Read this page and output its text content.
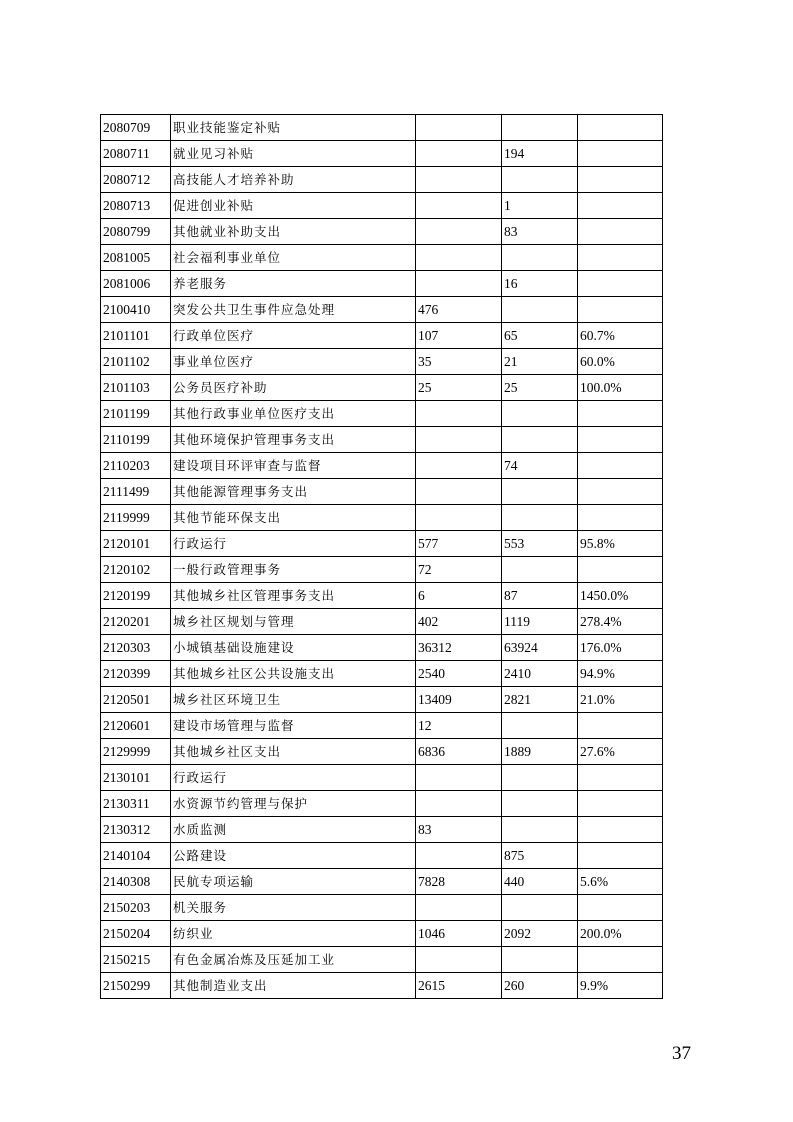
2080709	职业技能鉴定补贴			
2080711	就业见习补贴		194	
2080712	高技能人才培养补助			
2080713	促进创业补贴		1	
2080799	其他就业补助支出		83	
2081005	社会福利事业单位			
2081006	养老服务		16	
2100410	突发公共卫生事件应急处理	476		
2101101	行政单位医疗	107	65	60.7%
2101102	事业单位医疗	35	21	60.0%
2101103	公务员医疗补助	25	25	100.0%
2101199	其他行政事业单位医疗支出			
2110199	其他环境保护管理事务支出			
2110203	建设项目环评审查与监督		74	
2111499	其他能源管理事务支出			
2119999	其他节能环保支出			
2120101	行政运行	577	553	95.8%
2120102	一般行政管理事务	72		
2120199	其他城乡社区管理事务支出	6	87	1450.0%
2120201	城乡社区规划与管理	402	1119	278.4%
2120303	小城镇基础设施建设	36312	63924	176.0%
2120399	其他城乡社区公共设施支出	2540	2410	94.9%
2120501	城乡社区环境卫生	13409	2821	21.0%
2120601	建设市场管理与监督	12		
2129999	其他城乡社区支出	6836	1889	27.6%
2130101	行政运行			
2130311	水资源节约管理与保护			
2130312	水质监测	83		
2140104	公路建设		875	
2140308	民航专项运输	7828	440	5.6%
2150203	机关服务			
2150204	纺织业	1046	2092	200.0%
2150215	有色金属冶炼及压延加工业			
2150299	其他制造业支出	2615	260	9.9%
37
